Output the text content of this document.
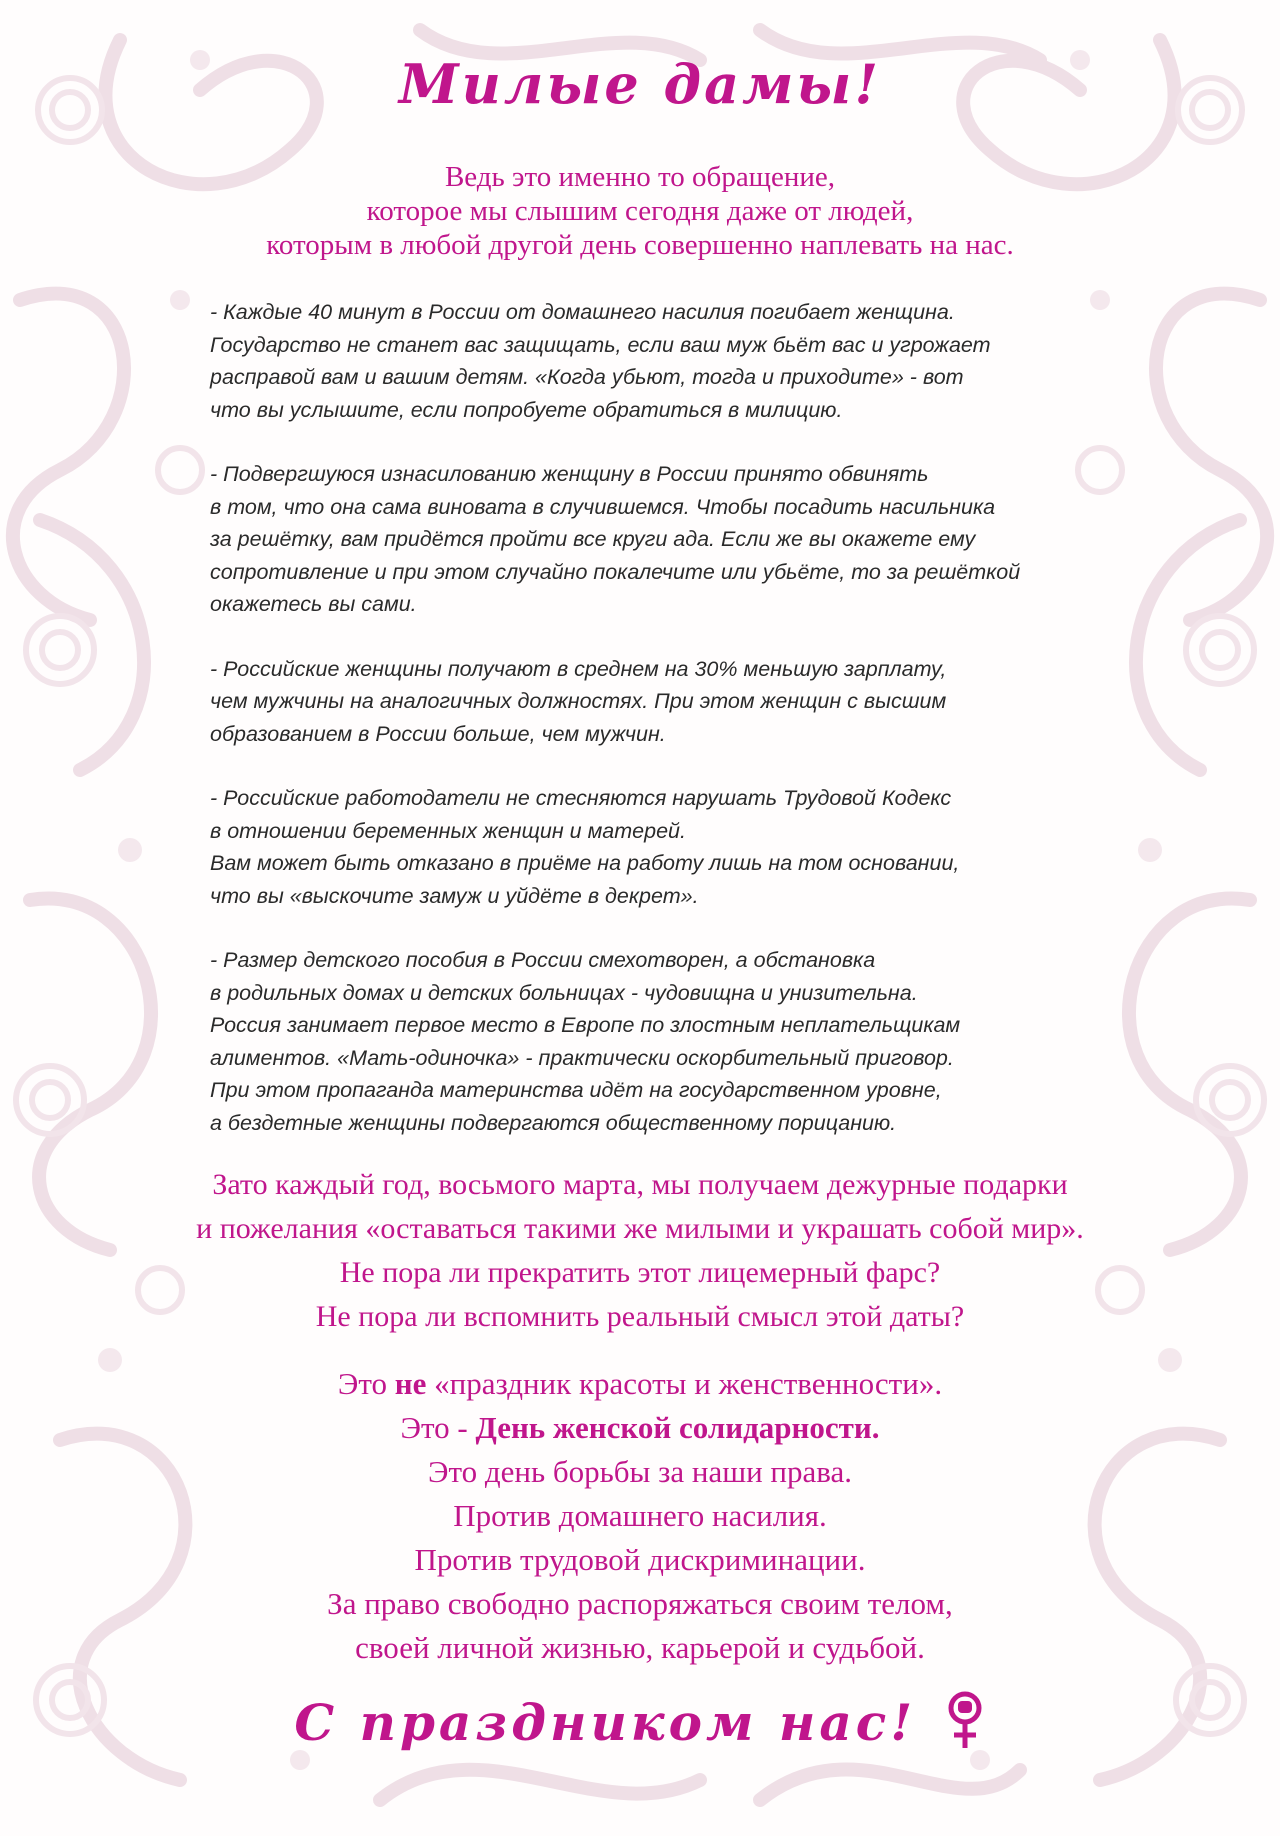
Милые дамы!
Ведь это именно то обращение,
которое мы слышим сегодня даже от людей,
которым в любой другой день совершенно наплевать на нас.
- Каждые 40 минут в России от домашнего насилия погибает женщина.
Государство не станет вас защищать, если ваш муж бьёт вас и угрожает
расправой вам и вашим детям. «Когда убьют, тогда и приходите» - вот
что вы услышите, если попробуете обратиться в милицию.
- Подвергшуюся изнасилованию женщину в России принято обвинять
в том, что она сама виновата в случившемся. Чтобы посадить насильника
за решётку, вам придётся пройти все круги ада. Если же вы окажете ему
сопротивление и при этом случайно покалечите или убьёте, то за решёткой
окажетесь вы сами.
- Российские женщины получают в среднем на 30% меньшую зарплату,
чем мужчины на аналогичных должностях. При этом женщин с высшим
образованием в России больше, чем мужчин.
- Российские работодатели не стесняются нарушать Трудовой Кодекс
в отношении беременных женщин и матерей.
Вам может быть отказано в приёме на работу лишь на том основании,
что вы «выскочите замуж и уйдёте в декрет».
- Размер детского пособия в России смехотворен, а обстановка
в родильных домах и детских больницах - чудовищна и унизительна.
Россия занимает первое место в Европе по злостным неплательщикам
алиментов. «Мать-одиночка» - практически оскорбительный приговор.
При этом пропаганда материнства идёт на государственном уровне,
а бездетные женщины подвергаются общественному порицанию.
Зато каждый год, восьмого марта, мы получаем дежурные подарки
и пожелания «оставаться такими же милыми и украшать собой мир».
Не пора ли прекратить этот лицемерный фарс?
Не пора ли вспомнить реальный смысл этой даты?
Это не «праздник красоты и женственности».
Это - День женской солидарности.
Это день борьбы за наши права.
Против домашнего насилия.
Против трудовой дискриминации.
За право свободно распоряжаться своим телом,
своей личной жизнью, карьерой и судьбой.
С праздником нас!
